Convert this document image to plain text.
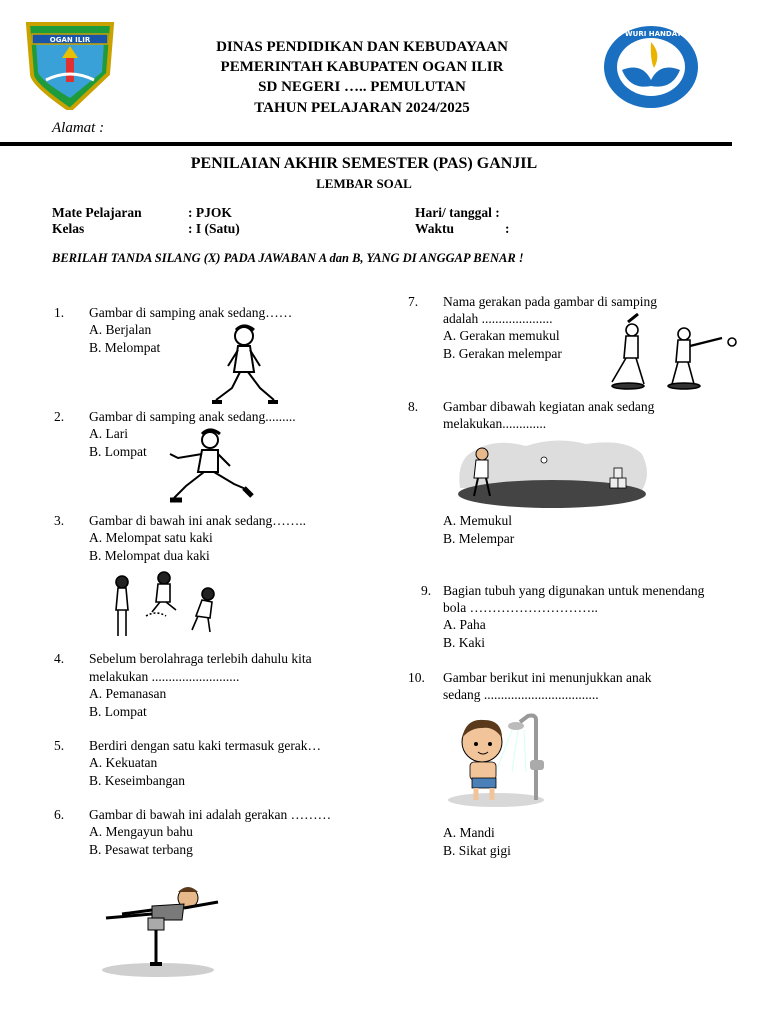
OGAN ILIR
TUT WURI HANDAYANI
DINAS PENDIDIKAN DAN KEBUDAYAAN
PEMERINTAH KABUPATEN OGAN ILIR
SD NEGERI ….. PEMULUTAN
TAHUN PELAJARAN 2024/2025
Alamat :
PENILAIAN AKHIR SEMESTER (PAS) GANJIL
LEMBAR SOAL
Mate Pelajaran	: PJOK	Hari/ tanggal :
Kelas	: I (Satu)	Waktu	:
BERILAH TANDA SILANG (X) PADA JAWABAN A dan B, YANG DI ANGGAP BENAR !
1. Gambar di samping anak sedang……
A. Berjalan
B. Melompat
2. Gambar di samping anak sedang.........
A. Lari
B. Lompat
3. Gambar di bawah ini anak sedang……..
A. Melompat satu kaki
B. Melompat dua kaki
4. Sebelum berolahraga terlebih dahulu kita
melakukan ..........................
A. Pemanasan
B. Lompat
5. Berdiri dengan satu kaki termasuk gerak…
A. Kekuatan
B. Keseimbangan
6. Gambar di bawah ini adalah gerakan ………
A. Mengayun bahu
B. Pesawat terbang
7. Nama gerakan pada gambar di samping
adalah .....................
A. Gerakan memukul
B. Gerakan melempar
8. Gambar dibawah kegiatan anak sedang
melakukan.............
A. Memukul
B. Melempar
9. Bagian tubuh yang digunakan untuk menendang
bola ………………………..
A. Paha
B. Kaki
10. Gambar berikut ini menunjukkan anak
sedang ..................................
A. Mandi
B. Sikat gigi
